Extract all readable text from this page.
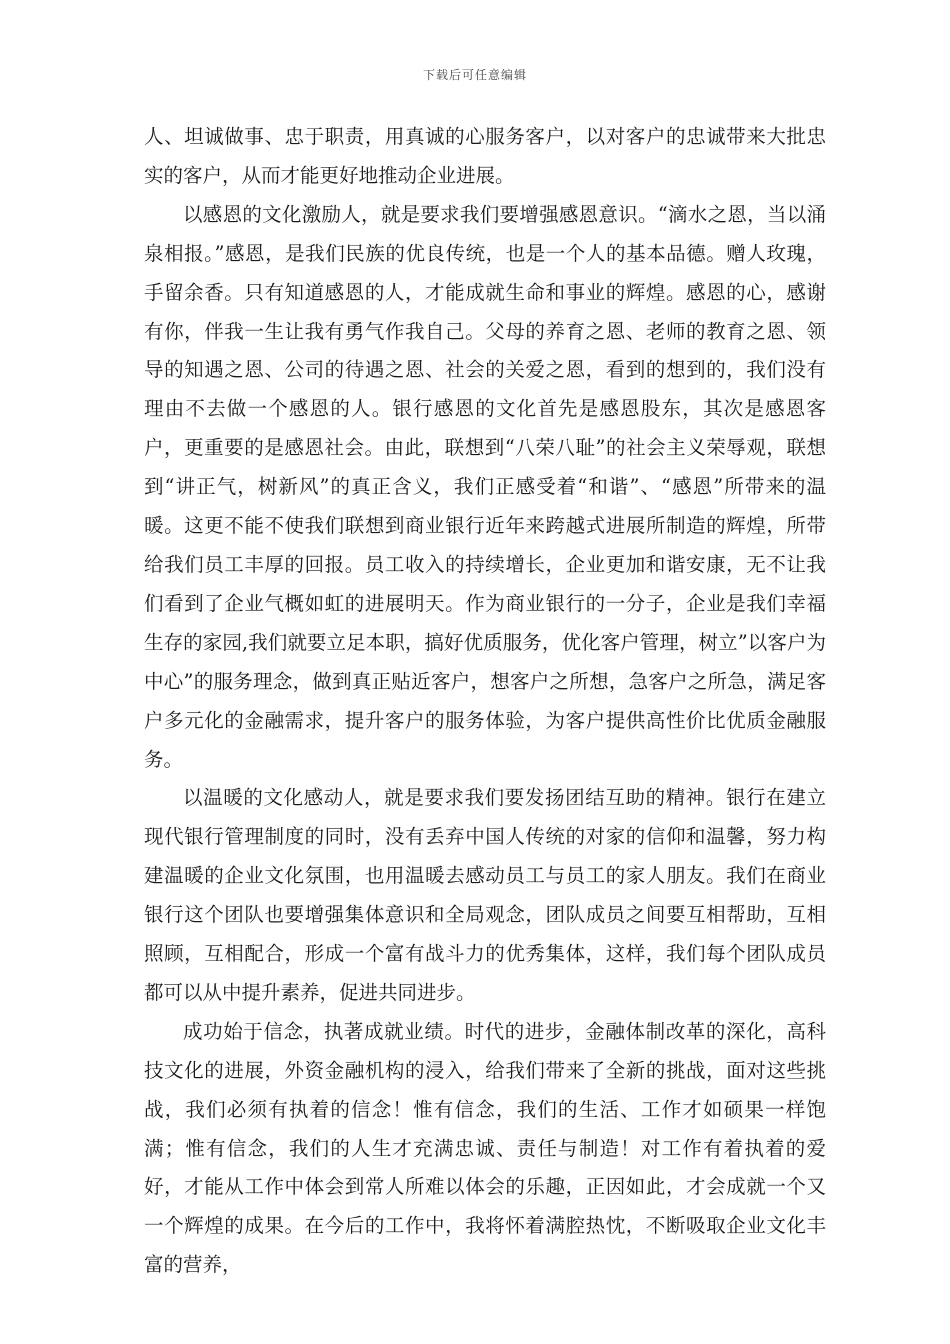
下载后可任意编辑

人、坦诚做事、忠于职责，用真诚的心服务客户，以对客户的忠诚带来大批忠实的客户，从而才能更好地推动企业进展。

以感恩的文化激励人，就是要求我们要增强感恩意识。“滴水之恩，当以涌泉相报。”感恩，是我们民族的优良传统，也是一个人的基本品德。赠人玫瑰，手留余香。只有知道感恩的人，才能成就生命和事业的辉煌。感恩的心，感谢有你，伴我一生让我有勇气作我自己。父母的养育之恩、老师的教育之恩、领导的知遇之恩、公司的待遇之恩、社会的关爱之恩，看到的想到的，我们没有理由不去做一个感恩的人。银行感恩的文化首先是感恩股东，其次是感恩客户，更重要的是感恩社会。由此，联想到“八荣八耻”的社会主义荣辱观，联想到“讲正气，树新风”的真正含义，我们正感受着“和谐”、“感恩”所带来的温暖。这更不能不使我们联想到商业银行近年来跨越式进展所制造的辉煌，所带给我们员工丰厚的回报。员工收入的持续增长，企业更加和谐安康，无不让我们看到了企业气概如虹的进展明天。作为商业银行的一分子，企业是我们幸福生存的家园,我们就要立足本职，搞好优质服务，优化客户管理，树立”以客户为中心”的服务理念，做到真正贴近客户，想客户之所想，急客户之所急，满足客户多元化的金融需求，提升客户的服务体验，为客户提供高性价比优质金融服务。

以温暖的文化感动人，就是要求我们要发扬团结互助的精神。银行在建立现代银行管理制度的同时，没有丢弃中国人传统的对家的信仰和温馨，努力构建温暖的企业文化氛围，也用温暖去感动员工与员工的家人朋友。我们在商业银行这个团队也要增强集体意识和全局观念，团队成员之间要互相帮助，互相照顾，互相配合，形成一个富有战斗力的优秀集体，这样，我们每个团队成员都可以从中提升素养，促进共同进步。

成功始于信念，执著成就业绩。时代的进步，金融体制改革的深化，高科技文化的进展，外资金融机构的浸入，给我们带来了全新的挑战，面对这些挑战，我们必须有执着的信念！惟有信念，我们的生活、工作才如硕果一样饱满；惟有信念，我们的人生才充满忠诚、责任与制造！对工作有着执着的爱好，才能从工作中体会到常人所难以体会的乐趣，正因如此，才会成就一个又一个辉煌的成果。在今后的工作中，我将怀着满腔热忱，不断吸取企业文化丰富的营养，
